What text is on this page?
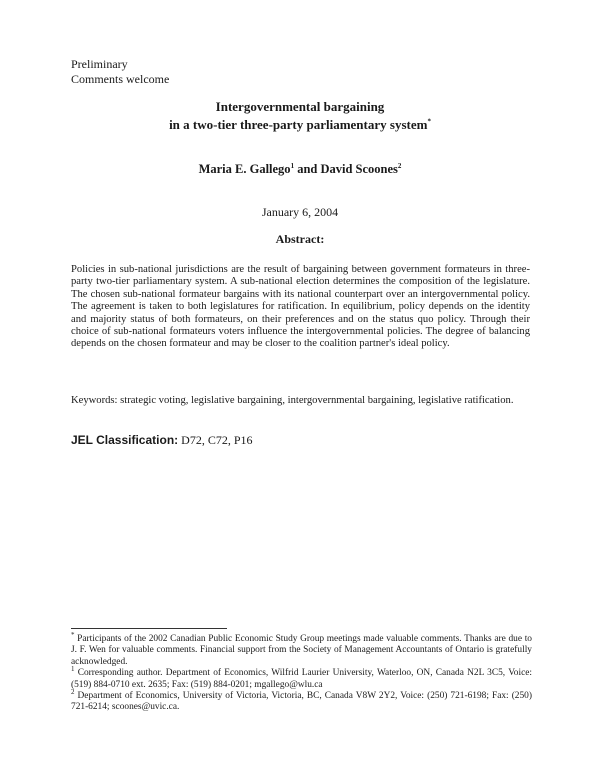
Preliminary
Comments welcome
Intergovernmental bargaining
in a two-tier three-party parliamentary system*
Maria E. Gallego$^1$ and David Scoones$^2$
January 6, 2004
Abstract:
Policies in sub-national jurisdictions are the result of bargaining between government formateurs in three-party two-tier parliamentary system. A sub-national election determines the composition of the legislature. The chosen sub-national formateur bargains with its national counterpart over an intergovernmental policy. The agreement is taken to both legislatures for ratification. In equilibrium, policy depends on the identity and majority status of both formateurs, on their preferences and on the status quo policy. Through their choice of sub-national formateurs voters influence the intergovernmental policies. The degree of balancing depends on the chosen formateur and may be closer to the coalition partner's ideal policy.
Keywords: strategic voting, legislative bargaining, intergovernmental bargaining, legislative ratification.
JEL Classification: D72, C72, P16
* Participants of the 2002 Canadian Public Economic Study Group meetings made valuable comments. Thanks are due to J. F. Wen for valuable comments. Financial support from the Society of Management Accountants of Ontario is gratefully acknowledged.
$^1$ Corresponding author. Department of Economics, Wilfrid Laurier University, Waterloo, ON, Canada N2L 3C5, Voice: (519) 884-0710 ext. 2635; Fax: (519) 884-0201; mgallego@wlu.ca
$^2$ Department of Economics, University of Victoria, Victoria, BC, Canada V8W 2Y2, Voice: (250) 721-6198; Fax: (250) 721-6214; scoones@uvic.ca.
